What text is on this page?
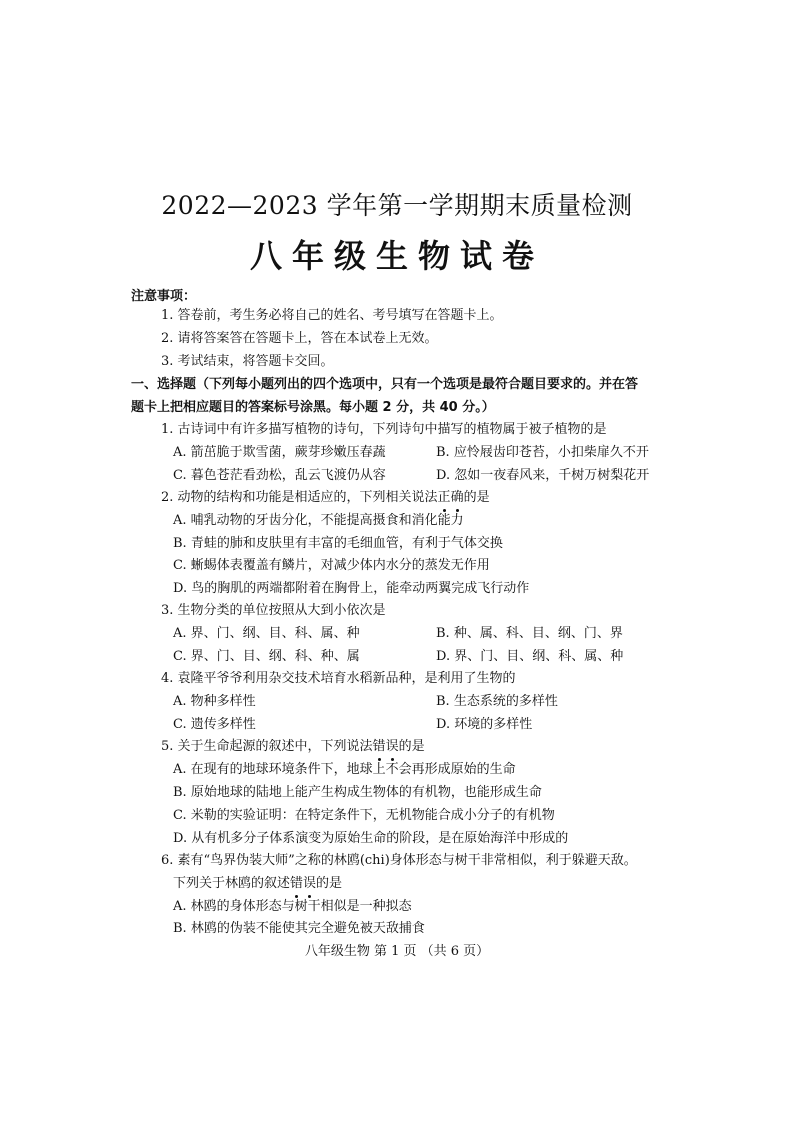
2022—2023 学年第一学期期末质量检测
八年级生物试卷
注意事项：
1. 答卷前，考生务必将自己的姓名、考号填写在答题卡上。
2. 请将答案答在答题卡上，答在本试卷上无效。
3. 考试结束，将答题卡交回。
一、选择题（下列每小题列出的四个选项中，只有一个选项是最符合题目要求的。并在答
题卡上把相应题目的答案标号涂黑。每小题 2 分，共 40 分。）
1. 古诗词中有许多描写植物的诗句，下列诗句中描写的植物属于被子植物的是
A. 箭茁脆于欺雪菌，蕨芽珍嫩压春蔬	B. 应怜屐齿印苍苔，小扣柴扉久不开
C. 暮色苍茫看劲松，乱云飞渡仍从容	D. 忽如一夜春风来，千树万树梨花开
2. 动物的结构和功能是相适应的，下列相关说法正确的是
A. 哺乳动物的牙齿分化，不能提高摄食和消化能力
B. 青蛙的肺和皮肤里有丰富的毛细血管，有利于气体交换
C. 蜥蜴体表覆盖有鳞片，对减少体内水分的蒸发无作用
D. 鸟的胸肌的两端都附着在胸骨上，能牵动两翼完成飞行动作
3. 生物分类的单位按照从大到小依次是
A. 界、门、纲、目、科、属、种	B. 种、属、科、目、纲、门、界
C. 界、门、目、纲、科、种、属	D. 界、门、目、纲、科、属、种
4. 袁隆平爷爷利用杂交技术培育水稻新品种，是利用了生物的
A. 物种多样性	B. 生态系统的多样性
C. 遗传多样性	D. 环境的多样性
5. 关于生命起源的叙述中，下列说法错误的是
A. 在现有的地球环境条件下，地球上不会再形成原始的生命
B. 原始地球的陆地上能产生构成生物体的有机物，也能形成生命
C. 米勒的实验证明：在特定条件下，无机物能合成小分子的有机物
D. 从有机多分子体系演变为原始生命的阶段，是在原始海洋中形成的
6. 素有“鸟界伪装大师”之称的林鸥(chi)身体形态与树干非常相似，利于躲避天敌。
下列关于林鸥的叙述错误的是
A. 林鸥的身体形态与树干相似是一种拟态
B. 林鸥的伪装不能使其完全避免被天敌捕食
八年级生物 第 1 页 （共 6 页）
